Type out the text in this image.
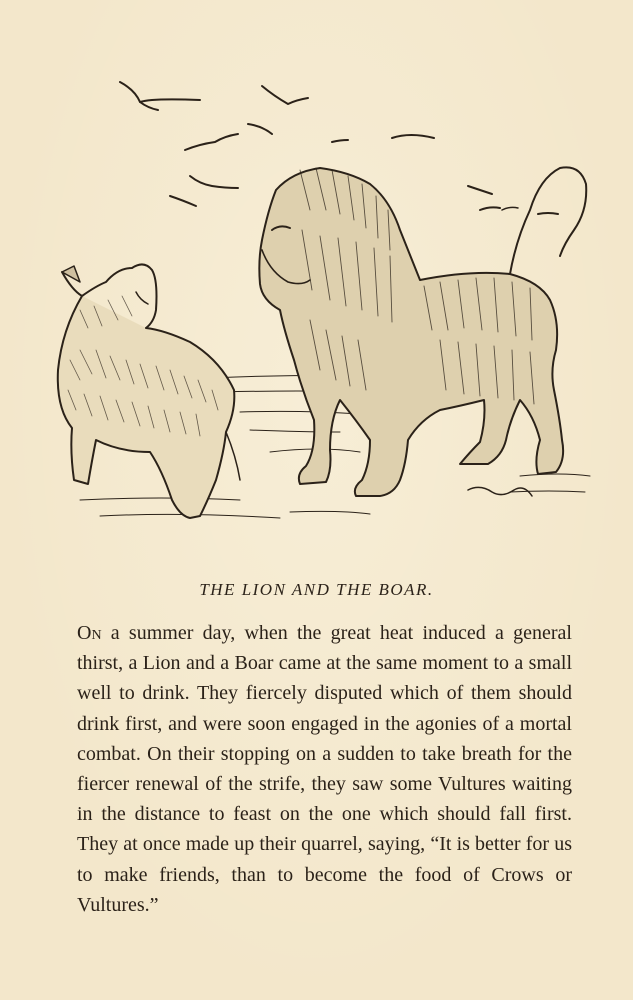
THE LION AND THE BOAR.
On a summer day, when the great heat induced a general thirst, a Lion and a Boar came at the same moment to a small well to drink. They fiercely disputed which of them should drink first, and were soon engaged in the agonies of a mortal combat. On their stopping on a sudden to take breath for the fiercer renewal of the strife, they saw some Vultures waiting in the distance to feast on the one which should fall first. They at once made up their quarrel, saying, “It is better for us to make friends, than to become the food of Crows or Vultures.”
